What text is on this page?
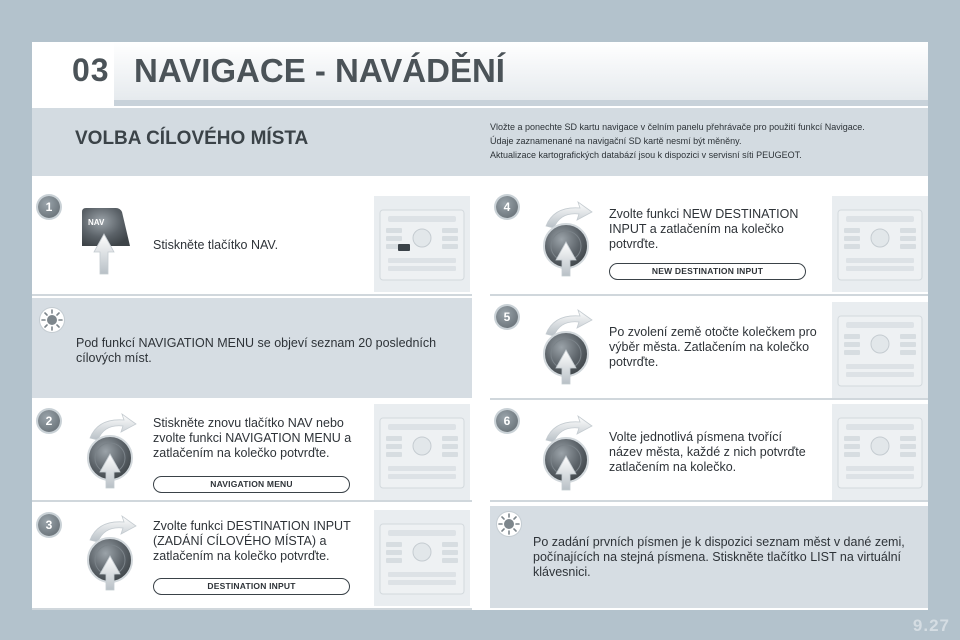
03 NAVIGACE - NAVÁDĚNÍ
VOLBA CÍLOVÉHO MÍSTA
Vložte a ponechte SD kartu navigace v čelním panelu přehrávače pro použití funkcí Navigace.
Údaje zaznamenané na navigační SD kartě nesmí být měněny.
Aktualizace kartografických databází jsou k dispozici v servisní síti PEUGEOT.
1
NAV
Stiskněte tlačítko NAV.
Pod funkcí NAVIGATION MENU se objeví seznam 20 posledních cílových míst.
2	Stiskněte znovu tlačítko NAV nebo zvolte funkci NAVIGATION MENU a zatlačením na kolečko potvrďte.
NAVIGATION MENU
3	Zvolte funkci DESTINATION INPUT (ZADÁNÍ CÍLOVÉHO MÍSTA) a zatlačením na kolečko potvrďte.
DESTINATION INPUT
4	Zvolte funkci NEW DESTINATION INPUT a zatlačením na kolečko potvrďte.
NEW DESTINATION INPUT
5
Po zvolení země otočte kolečkem pro výběr města. Zatlačením na kolečko potvrďte.
6
Volte jednotlivá písmena tvořící název města, každé z nich potvrďte zatlačením na kolečko.
Po zadání prvních písmen je k dispozici seznam měst v dané zemi, počínajících na stejná písmena. Stiskněte tlačítko LIST na virtuální klávesnici.
9.27
